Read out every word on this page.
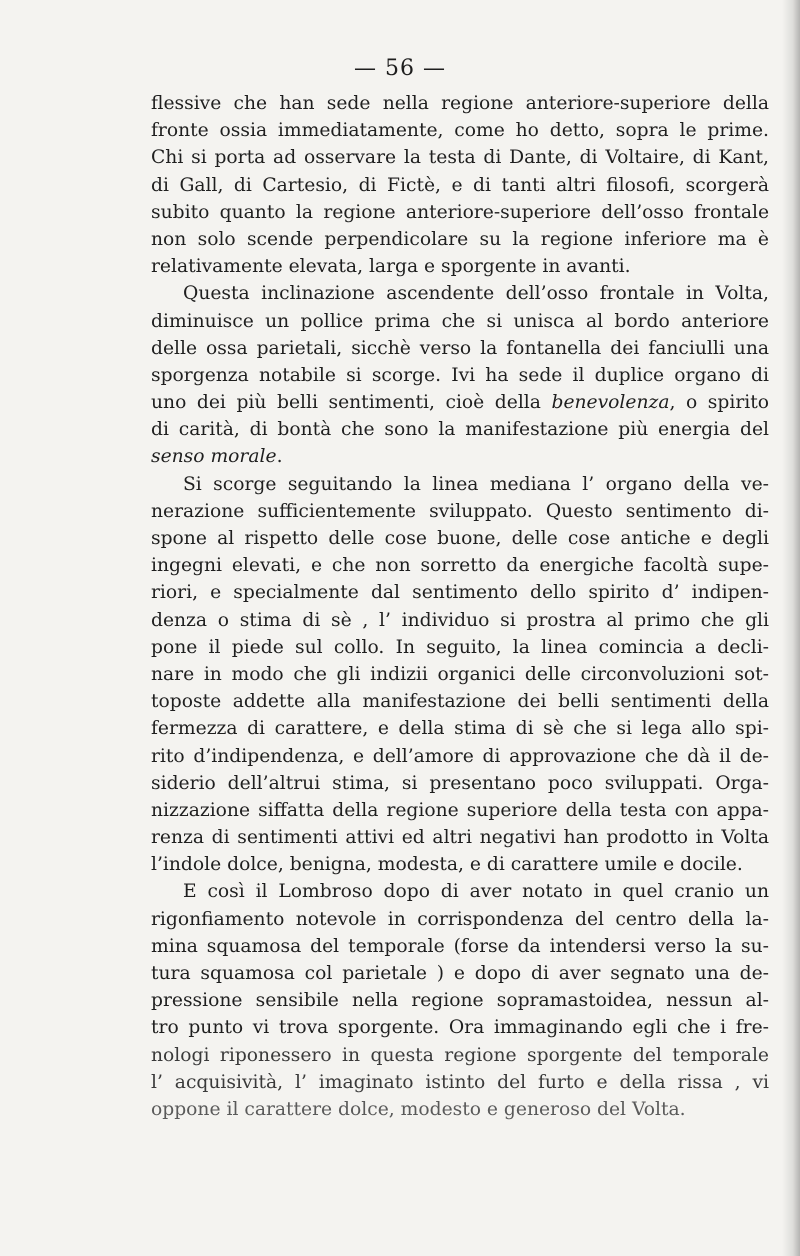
— 56 —
flessive che han sede nella regione anteriore-superiore della
fronte ossia immediatamente, come ho detto, sopra le prime.
Chi si porta ad osservare la testa di Dante, di Voltaire, di Kant,
di Gall, di Cartesio, di Fictè, e di tanti altri filosofi, scorgerà
subito quanto la regione anteriore-superiore dell’osso frontale
non solo scende perpendicolare su la regione inferiore ma è
relativamente elevata, larga e sporgente in avanti.
Questa inclinazione ascendente dell’osso frontale in Volta,
diminuisce un pollice prima che si unisca al bordo anteriore
delle ossa parietali, sicchè verso la fontanella dei fanciulli una
sporgenza notabile si scorge. Ivi ha sede il duplice organo di
uno dei più belli sentimenti, cioè della benevolenza, o spirito
di carità, di bontà che sono la manifestazione più energia del
senso morale.
Si scorge seguitando la linea mediana l’ organo della ve-
nerazione sufficientemente sviluppato. Questo sentimento di-
spone al rispetto delle cose buone, delle cose antiche e degli
ingegni elevati, e che non sorretto da energiche facoltà supe-
riori, e specialmente dal sentimento dello spirito d’ indipen-
denza o stima di sè , l’ individuo si prostra al primo che gli
pone il piede sul collo. In seguito, la linea comincia a decli-
nare in modo che gli indizii organici delle circonvoluzioni sot-
toposte addette alla manifestazione dei belli sentimenti della
fermezza di carattere, e della stima di sè che si lega allo spi-
rito d’indipendenza, e dell’amore di approvazione che dà il de-
siderio dell’altrui stima, si presentano poco sviluppati. Orga-
nizzazione siffatta della regione superiore della testa con appa-
renza di sentimenti attivi ed altri negativi han prodotto in Volta
l’indole dolce, benigna, modesta, e di carattere umile e docile.
E così il Lombroso dopo di aver notato in quel cranio un
rigonfiamento notevole in corrispondenza del centro della la-
mina squamosa del temporale (forse da intendersi verso la su-
tura squamosa col parietale ) e dopo di aver segnato una de-
pressione sensibile nella regione sopramastoidea, nessun al-
tro punto vi trova sporgente. Ora immaginando egli che i fre-
nologi riponessero in questa regione sporgente del temporale
l’ acquisività, l’ imaginato istinto del furto e della rissa , vi
oppone il carattere dolce, modesto e generoso del Volta.
